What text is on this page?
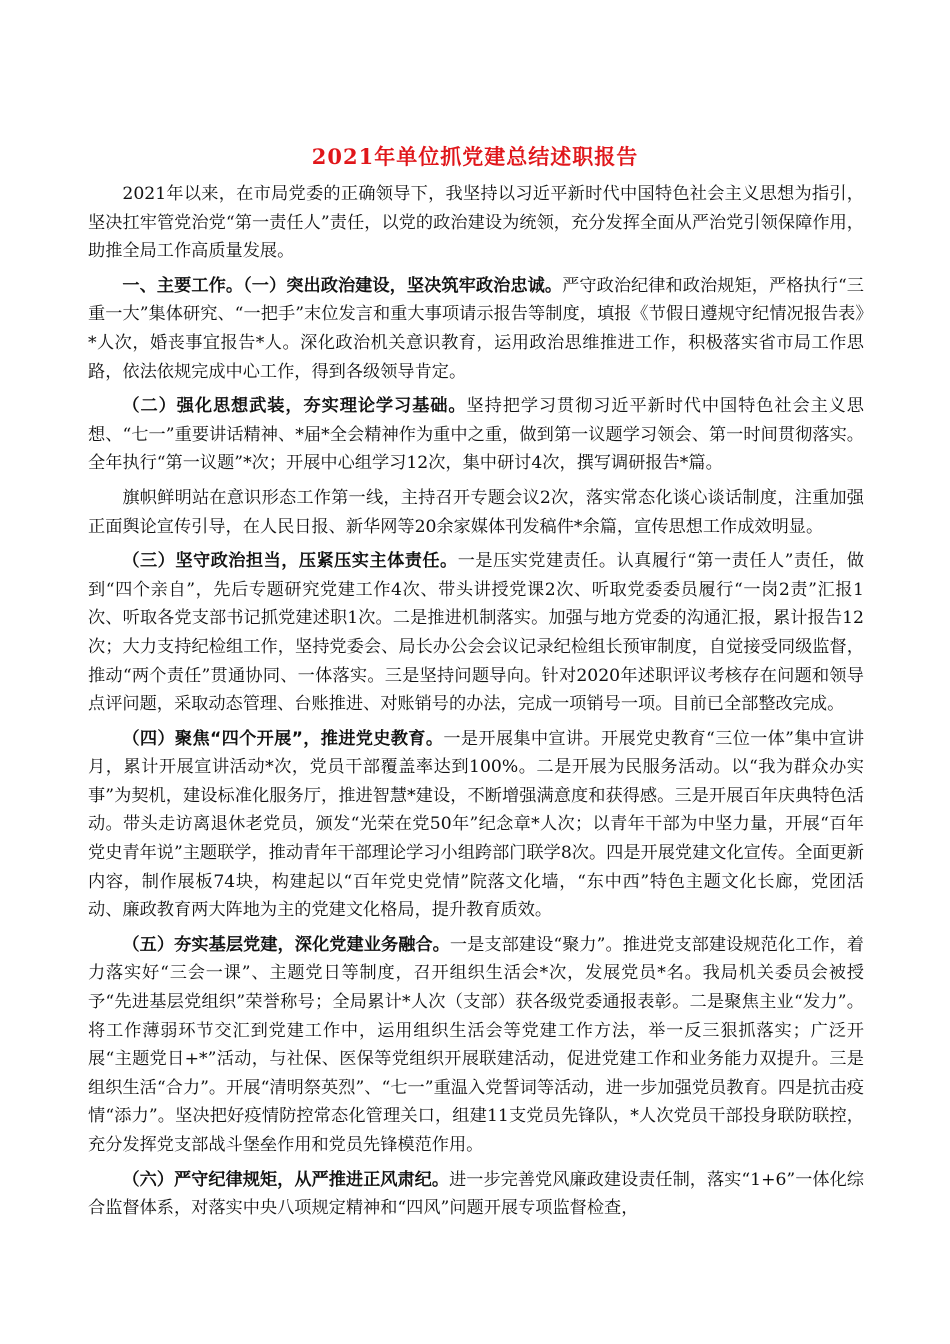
2021年单位抓党建总结述职报告

2021年以来，在市局党委的正确领导下，我坚持以习近平新时代中国特色社会主义思想为指引，坚决扛牢管党治党“第一责任人”责任，以党的政治建设为统领，充分发挥全面从严治党引领保障作用，助推全局工作高质量发展。

一、主要工作。（一）突出政治建设，坚决筑牢政治忠诚。严守政治纪律和政治规矩，严格执行“三重一大”集体研究、“一把手”末位发言和重大事项请示报告等制度，填报《节假日遵规守纪情况报告表》*人次，婚丧事宜报告*人。深化政治机关意识教育，运用政治思维推进工作，积极落实省市局工作思路，依法依规完成中心工作，得到各级领导肯定。

（二）强化思想武装，夯实理论学习基础。坚持把学习贯彻习近平新时代中国特色社会主义思想、“七一”重要讲话精神、*届*全会精神作为重中之重，做到第一议题学习领会、第一时间贯彻落实。全年执行“第一议题”*次；开展中心组学习12次，集中研讨4次，撰写调研报告*篇。

旗帜鲜明站在意识形态工作第一线，主持召开专题会议2次，落实常态化谈心谈话制度，注重加强正面舆论宣传引导，在人民日报、新华网等20余家媒体刊发稿件*余篇，宣传思想工作成效明显。

（三）坚守政治担当，压紧压实主体责任。一是压实党建责任。认真履行“第一责任人”责任，做到“四个亲自”，先后专题研究党建工作4次、带头讲授党课2次、听取党委委员履行“一岗2责”汇报1次、听取各党支部书记抓党建述职1次。二是推进机制落实。加强与地方党委的沟通汇报，累计报告12次；大力支持纪检组工作，坚持党委会、局长办公会会议记录纪检组长预审制度，自觉接受同级监督，推动“两个责任”贯通协同、一体落实。三是坚持问题导向。针对2020年述职评议考核存在问题和领导点评问题，采取动态管理、台账推进、对账销号的办法，完成一项销号一项。目前已全部整改完成。

（四）聚焦“四个开展”，推进党史教育。一是开展集中宣讲。开展党史教育“三位一体”集中宣讲月，累计开展宣讲活动*次，党员干部覆盖率达到100%。二是开展为民服务活动。以“我为群众办实事”为契机，建设标准化服务厅，推进智慧*建设，不断增强满意度和获得感。三是开展百年庆典特色活动。带头走访离退休老党员，颁发“光荣在党50年”纪念章*人次；以青年干部为中坚力量，开展“百年党史青年说”主题联学，推动青年干部理论学习小组跨部门联学8次。四是开展党建文化宣传。全面更新内容，制作展板74块，构建起以“百年党史党情”院落文化墙，“东中西”特色主题文化长廊，党团活动、廉政教育两大阵地为主的党建文化格局，提升教育质效。

（五）夯实基层党建，深化党建业务融合。一是支部建设“聚力”。推进党支部建设规范化工作，着力落实好“三会一课”、主题党日等制度，召开组织生活会*次，发展党员*名。我局机关委员会被授予“先进基层党组织”荣誉称号；全局累计*人次（支部）获各级党委通报表彰。二是聚焦主业“发力”。将工作薄弱环节交汇到党建工作中，运用组织生活会等党建工作方法，举一反三狠抓落实；广泛开展“主题党日+*”活动，与社保、医保等党组织开展联建活动，促进党建工作和业务能力双提升。三是组织生活“合力”。开展“清明祭英烈”、“七一”重温入党誓词等活动，进一步加强党员教育。四是抗击疫情“添力”。坚决把好疫情防控常态化管理关口，组建11支党员先锋队，*人次党员干部投身联防联控，充分发挥党支部战斗堡垒作用和党员先锋模范作用。

（六）严守纪律规矩，从严推进正风肃纪。进一步完善党风廉政建设责任制，落实“1+6”一体化综合监督体系，对落实中央八项规定精神和“四风”问题开展专项监督检查，
